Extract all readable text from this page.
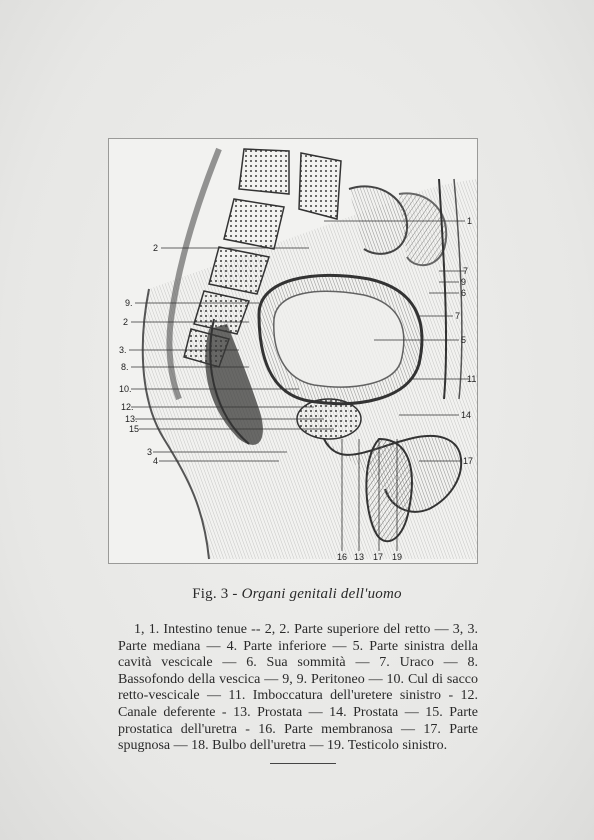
2
9.
2
3.
8.
10.
12.
13.
15
3
4
1
7
9
6
7
5
11
14
17
16 13 17 19
Fig. 3 - Organi genitali dell'uomo

1, 1. Intestino tenue -- 2, 2. Parte superiore del retto — 3, 3. Parte mediana — 4. Parte inferiore — 5. Parte sinistra della cavità vescicale — 6. Sua sommità — 7. Uraco — 8. Bassofondo della vescica — 9, 9. Peritoneo — 10. Cul di sacco retto-vescicale — 11. Imboccatura dell'uretere sinistro - 12. Canale deferente - 13. Prostata — 14. Prostata — 15. Parte prostatica dell'uretra - 16. Parte membranosa — 17. Parte spugnosa — 18. Bulbo dell'uretra — 19. Testicolo sinistro.
